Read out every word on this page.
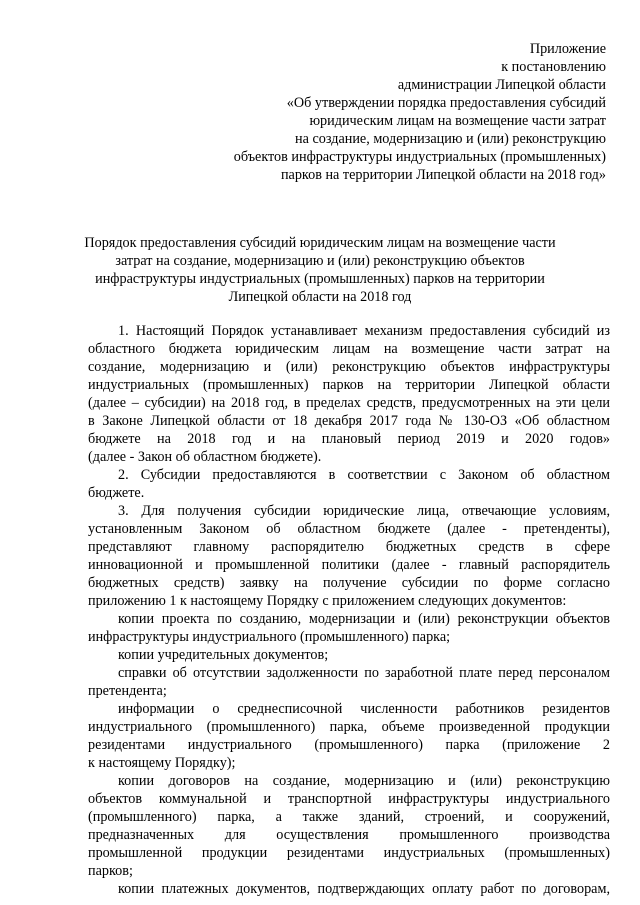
Приложение
к постановлению
администрации Липецкой области
«Об утверждении порядка предоставления субсидий
юридическим лицам на возмещение части затрат
на создание, модернизацию и (или) реконструкцию
объектов инфраструктуры индустриальных (промышленных)
парков на территории Липецкой области на 2018 год»
Порядок предоставления субсидий юридическим лицам на возмещение части
затрат на создание, модернизацию и (или) реконструкцию объектов
инфраструктуры индустриальных (промышленных) парков на территории
Липецкой области на 2018 год
1. Настоящий Порядок устанавливает механизм предоставления субсидий из
областного бюджета юридическим лицам на возмещение части затрат на
создание, модернизацию и (или) реконструкцию объектов инфраструктуры
индустриальных (промышленных) парков на территории Липецкой области
(далее – субсидии) на 2018 год, в пределах средств, предусмотренных на эти цели
в Законе Липецкой области от 18 декабря 2017 года № 130-ОЗ «Об областном
бюджете на 2018 год и на плановый период 2019 и 2020 годов»
(далее - Закон об областном бюджете).
2. Субсидии предоставляются в соответствии с Законом об областном
бюджете.
3. Для получения субсидии юридические лица, отвечающие условиям,
установленным Законом об областном бюджете (далее - претенденты),
представляют главному распорядителю бюджетных средств в сфере
инновационной и промышленной политики (далее - главный распорядитель
бюджетных средств) заявку на получение субсидии по форме согласно
приложению 1 к настоящему Порядку с приложением следующих документов:
копии проекта по созданию, модернизации и (или) реконструкции объектов
инфраструктуры индустриального (промышленного) парка;
копии учредительных документов;
справки об отсутствии задолженности по заработной плате перед персоналом
претендента;
информации о среднесписочной численности работников резидентов
индустриального (промышленного) парка, объеме произведенной продукции
резидентами индустриального (промышленного) парка (приложение 2
к настоящему Порядку);
копии договоров на создание, модернизацию и (или) реконструкцию
объектов коммунальной и транспортной инфраструктуры индустриального
(промышленного) парка, а также зданий, строений, и сооружений,
предназначенных для осуществления промышленного производства
промышленной продукции резидентами индустриальных (промышленных)
парков;
копии платежных документов, подтверждающих оплату работ по договорам,
